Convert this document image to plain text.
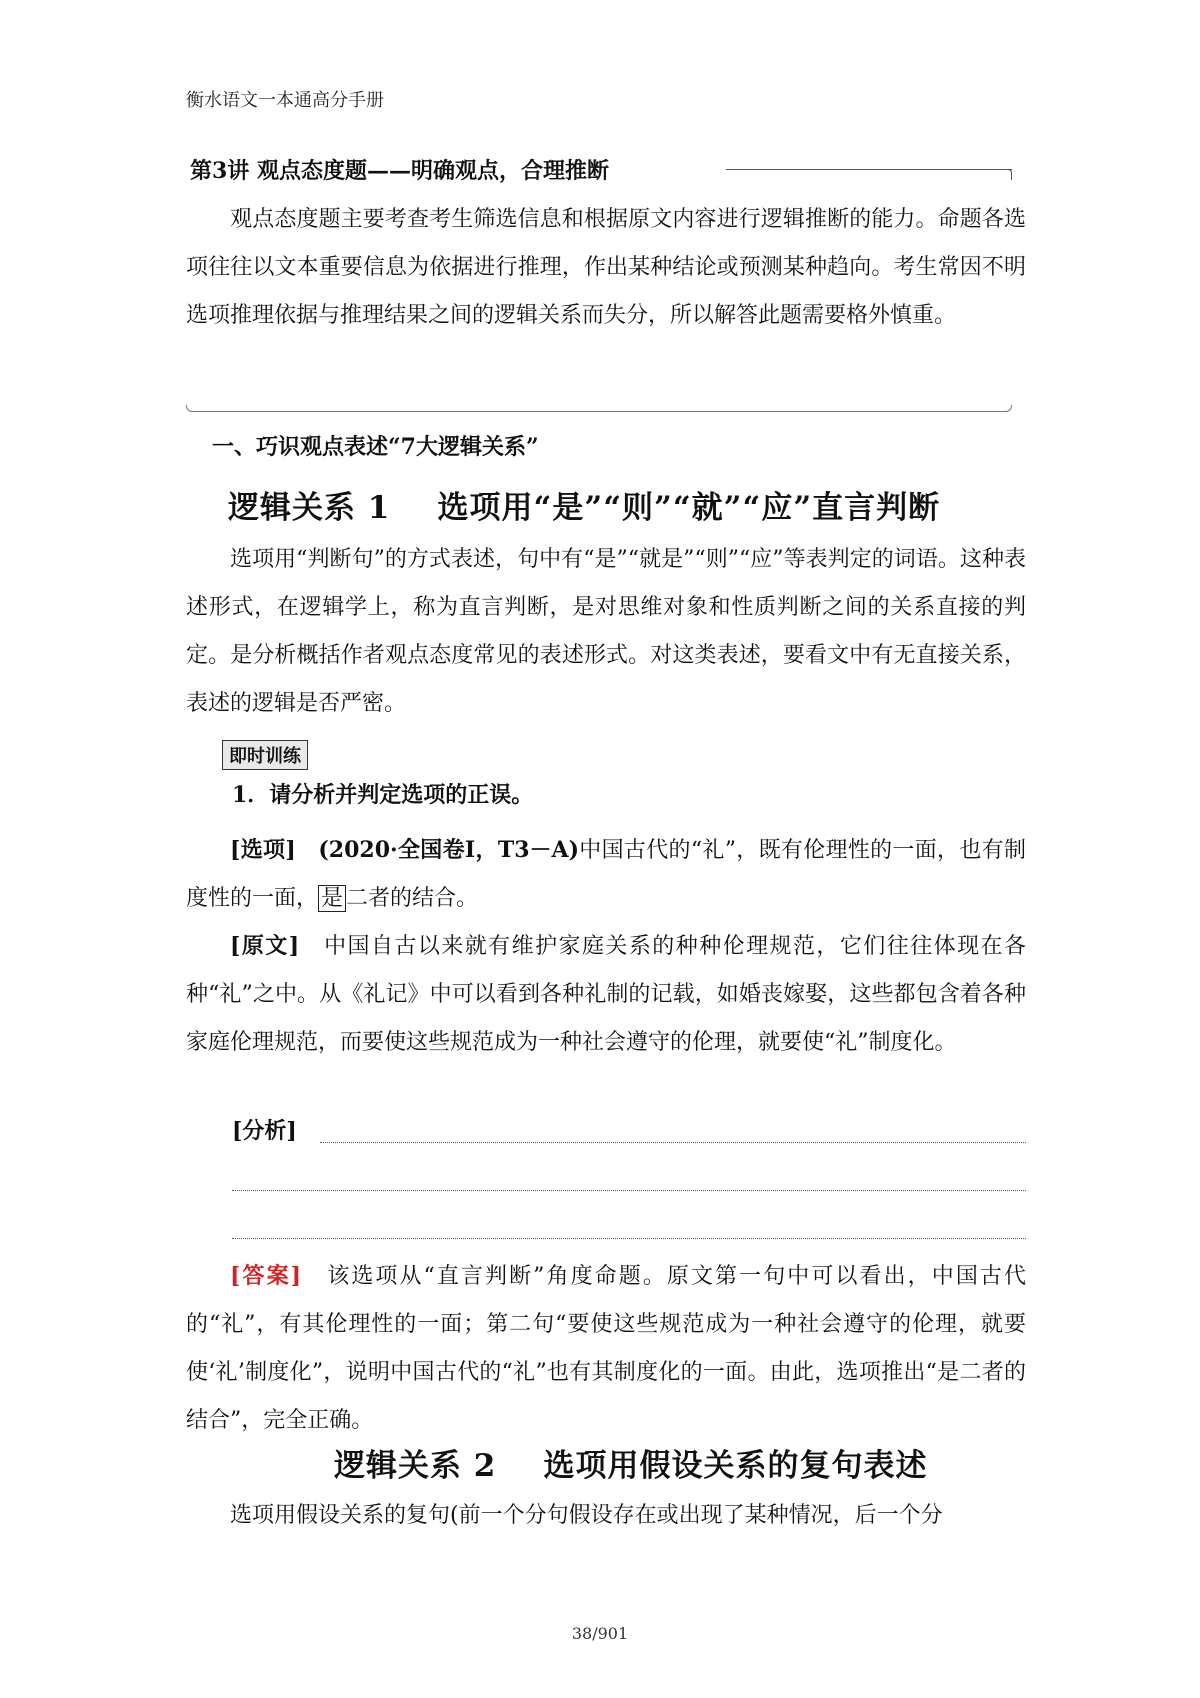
衡水语文一本通高分手册
第3讲 观点态度题——明确观点，合理推断
观点态度题主要考查考生筛选信息和根据原文内容进行逻辑推断的能力。命题各选项往往以文本重要信息为依据进行推理，作出某种结论或预测某种趋向。考生常因不明选项推理依据与推理结果之间的逻辑关系而失分，所以解答此题需要格外慎重。
一、巧识观点表述“7大逻辑关系”
逻辑关系 1    选项用“是”“则”“就”“应”直言判断
选项用“判断句”的方式表述，句中有“是”“就是”“则”“应”等表判定的词语。这种表述形式，在逻辑学上，称为直言判断，是对思维对象和性质判断之间的关系直接的判定。是分析概括作者观点态度常见的表述形式。对这类表述，要看文中有无直接关系，表述的逻辑是否严密。
即时训练
1．请分析并判定选项的正误。
[选项]　 (2020·全国卷Ⅰ，T3－A)中国古代的“礼”，既有伦理性的一面，也有制度性的一面， 是 二者的结合。
[原文]　 中国自古以来就有维护家庭关系的种种伦理规范，它们往往体现在各种“礼”之中。从《礼记》中可以看到各种礼制的记载，如婚丧嫁娶，这些都包含着各种家庭伦理规范，而要使这些规范成为一种社会遵守的伦理，就要使“礼”制度化。
[分析]
[答案]　 该选项从“直言判断”角度命题。原文第一句中可以看出，中国古代的“礼”，有其伦理性的一面；第二句“要使这些规范成为一种社会遵守的伦理，就要使‘礼’制度化”，说明中国古代的“礼”也有其制度化的一面。由此，选项推出“是二者的结合”，完全正确。
逻辑关系 2    选项用假设关系的复句表述
选项用假设关系的复句(前一个分句假设存在或出现了某种情况，后一个分
38/901
